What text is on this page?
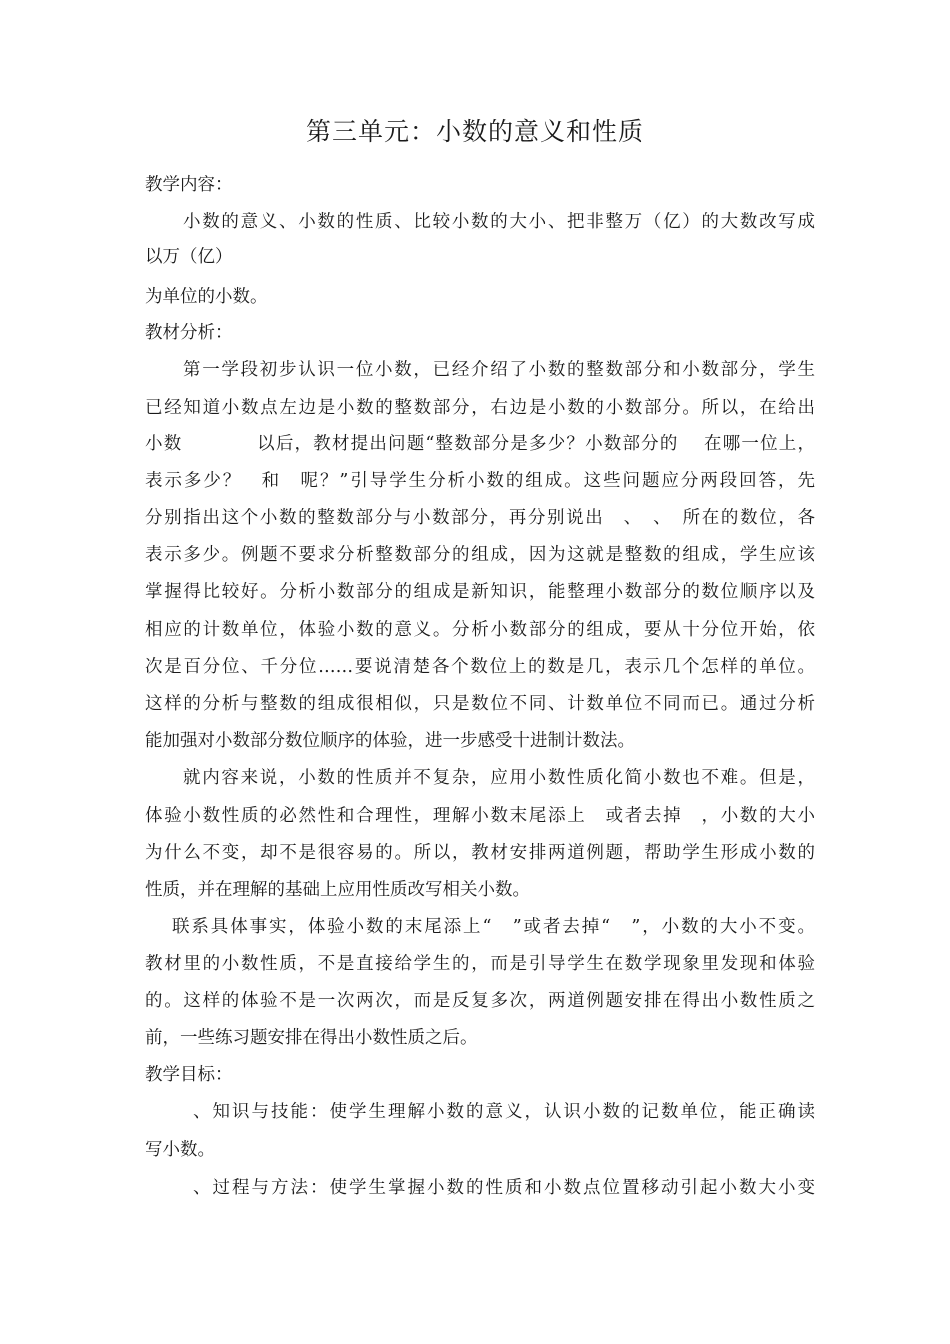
第三单元：小数的意义和性质
教学内容：
小数的意义、小数的性质、比较小数的大小、把非整万（亿）的大数改写成
以万（亿）
为单位的小数。
教材分析：
第一学段初步认识一位小数，已经介绍了小数的整数部分和小数部分，学生
已经知道小数点左边是小数的整数部分，右边是小数的小数部分。所以，在给出
小数　　　　以后，教材提出问题“整数部分是多少？小数部分的　 在哪一位上，
表示多少？　和　呢？”引导学生分析小数的组成。这些问题应分两段回答，先
分别指出这个小数的整数部分与小数部分，再分别说出　、　、　所在的数位，各
表示多少。例题不要求分析整数部分的组成，因为这就是整数的组成，学生应该
掌握得比较好。分析小数部分的组成是新知识，能整理小数部分的数位顺序以及
相应的计数单位，体验小数的意义。分析小数部分的组成，要从十分位开始，依
次是百分位、千分位……要说清楚各个数位上的数是几，表示几个怎样的单位。
这样的分析与整数的组成很相似，只是数位不同、计数单位不同而已。通过分析
能加强对小数部分数位顺序的体验，进一步感受十进制计数法。
就内容来说，小数的性质并不复杂，应用小数性质化简小数也不难。但是，
体验小数性质的必然性和合理性，理解小数末尾添上　或者去掉　，小数的大小
为什么不变，却不是很容易的。所以，教材安排两道例题，帮助学生形成小数的
性质，并在理解的基础上应用性质改写相关小数。
联系具体事实，体验小数的末尾添上“　”或者去掉“　”，小数的大小不变。
教材里的小数性质，不是直接给学生的，而是引导学生在数学现象里发现和体验
的。这样的体验不是一次两次，而是反复多次，两道例题安排在得出小数性质之
前，一些练习题安排在得出小数性质之后。
教学目标：
、知识与技能：使学生理解小数的意义，认识小数的记数单位，能正确读
写小数。
、过程与方法：使学生掌握小数的性质和小数点位置移动引起小数大小变
